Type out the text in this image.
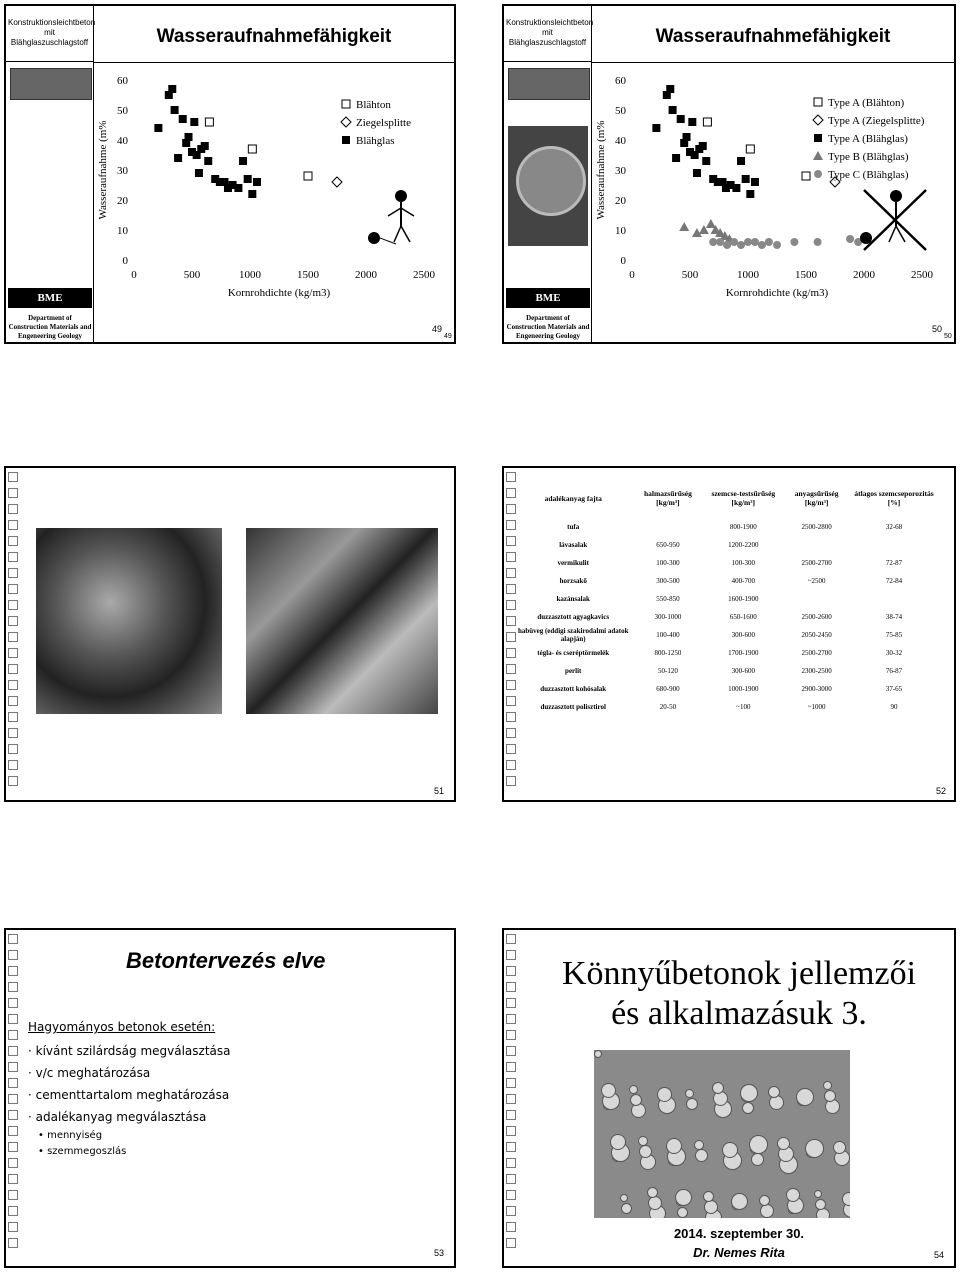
Konstruktionsleichtbeton mit Blähglaszuschlagstoff
BME
Department of Construction Materials and Engeneering Geology
Wasseraufnahmefähigkeit
0
10
20
30
40
50
60
0	500	1000	1500	2000	2500
Kornrohdichte (kg/m3)
Wasseraufnahme (m%
Blähton
Ziegelsplitte
Blähglas
49
49
Konstruktionsleichtbeton mit Blähglaszuschlagstoff
BME
Department of Construction Materials and Engeneering Geology
Wasseraufnahmefähigkeit
0
10
20
30
40
50
60
0	500	1000	1500	2000	2500
Kornrohdichte (kg/m3)
Wasseraufnahme (m%
Type A (Blähton)
Type A (Ziegelsplitte)
Type A (Blähglas)
Type B (Blähglas)
Type C (Blähglas)
50
50
51
adalékanyag fajta	halmazsűrűség [kg/m³]	szemcse-testsűrűség [kg/m³]	anyagsűrűség [kg/m³]	átlagos szemcseporozitás [%]
tufa		800-1900	2500-2800	32-68
lávasalak	650-950	1200-2200		
vermikulit	100-300	100-300	2500-2700	72-87
horzsakő	300-500	400-700	~2500	72-84
kazánsalak	550-850	1600-1900		
duzzasztott agyagkavics	300-1000	650-1600	2500-2600	38-74
habüveg (eddigi szakirodalmi adatok alapján)	100-400	300-600	2050-2450	75-85
tégla- és cseréptörmelék	800-1250	1700-1900	2500-2700	30-32
perlit	50-120	300-600	2300-2500	76-87
duzzasztott kohósalak	680-900	1000-1900	2900-3000	37-65
duzzasztott polisztirol	20-50	~100	~1000	90
52
Betontervezés elve
Hagyományos betonok esetén:
· kívánt szilárdság megválasztása
· v/c meghatározása
· cementtartalom meghatározása
· adalékanyag megválasztása
• mennyiség
• szemmegoszlás
53
Könnyűbetonok jellemzői
és alkalmazásuk 3.
2014. szeptember 30.
Dr. Nemes Rita	54
